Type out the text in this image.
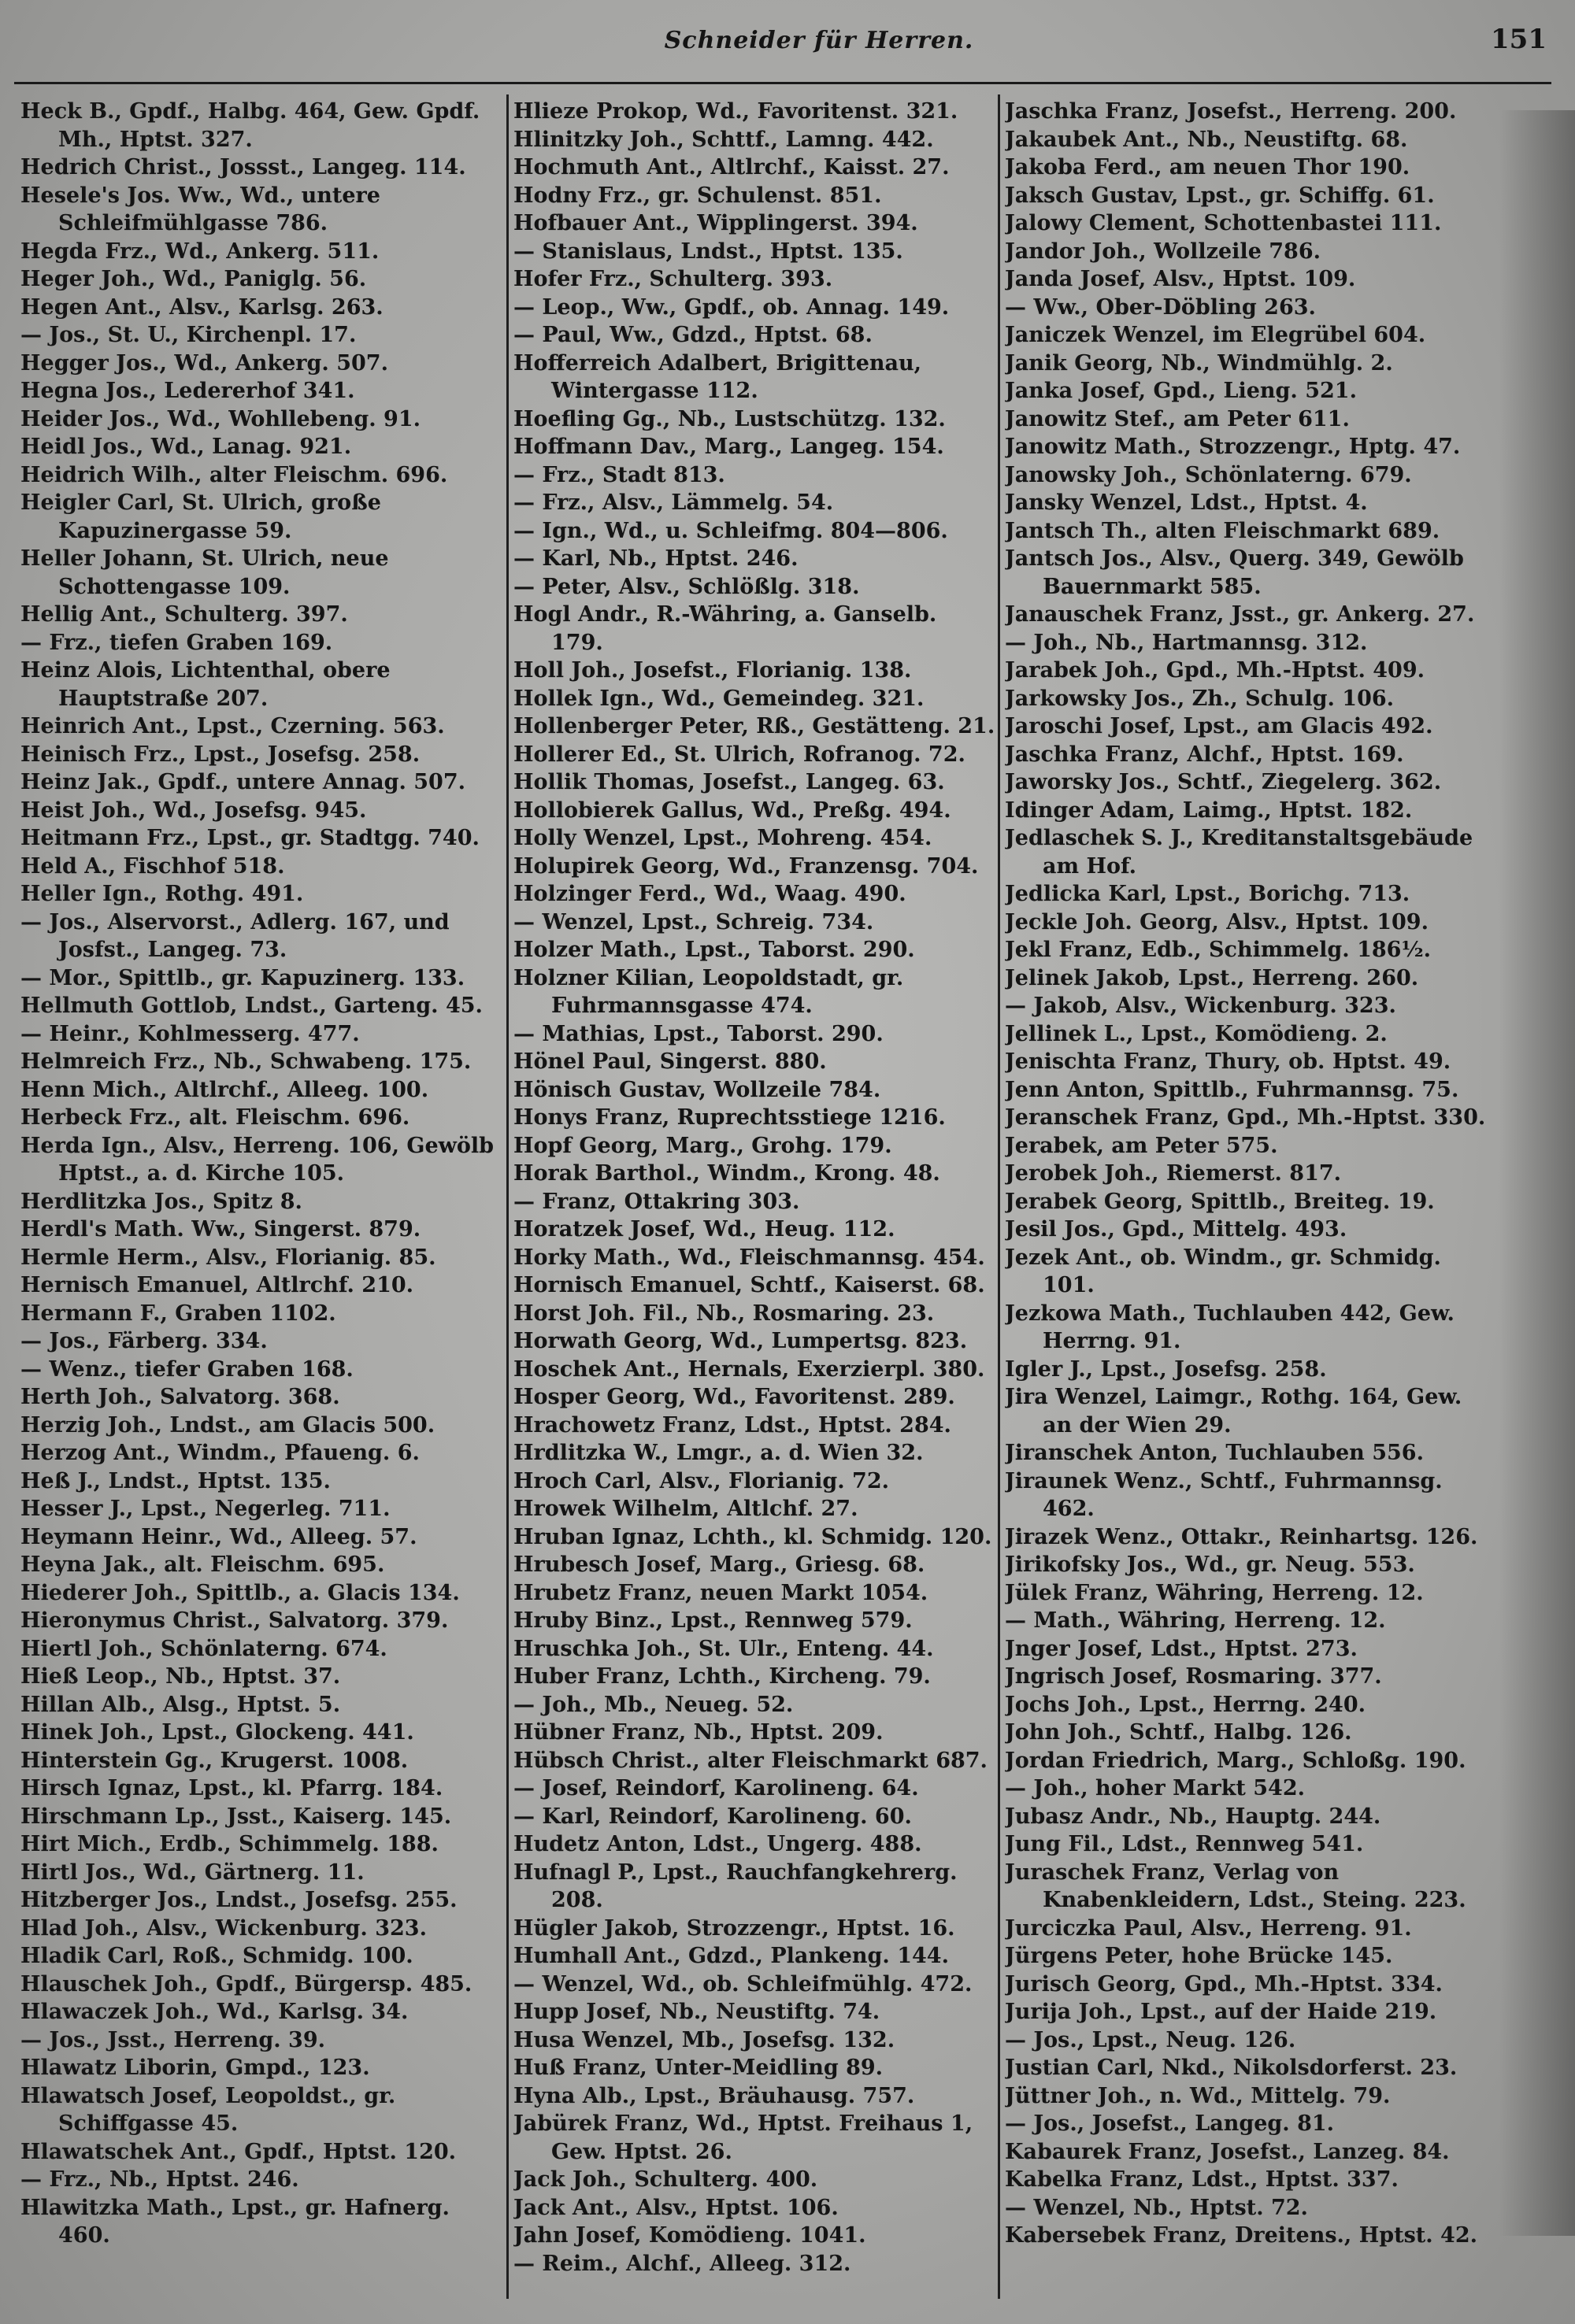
Schneider für Herren.	151

Heck B., Gpdf., Halbg. 464, Gew. Gpdf. Mh., Hptst. 327.

Hedrich Christ., Jossst., Langeg. 114.

Hesele's Jos. Ww., Wd., untere Schleifmühlgasse 786.

Hegda Frz., Wd., Ankerg. 511.

Heger Joh., Wd., Paniglg. 56.

Hegen Ant., Alsv., Karlsg. 263.

— Jos., St. U., Kirchenpl. 17.

Hegger Jos., Wd., Ankerg. 507.

Hegna Jos., Ledererhof 341.

Heider Jos., Wd., Wohllebeng. 91.

Heidl Jos., Wd., Lanag. 921.

Heidrich Wilh., alter Fleischm. 696.

Heigler Carl, St. Ulrich, große Kapuzinergasse 59.

Heller Johann, St. Ulrich, neue Schottengasse 109.

Hellig Ant., Schulterg. 397.

— Frz., tiefen Graben 169.

Heinz Alois, Lichtenthal, obere Hauptstraße 207.

Heinrich Ant., Lpst., Czerning. 563.

Heinisch Frz., Lpst., Josefsg. 258.

Heinz Jak., Gpdf., untere Annag. 507.

Heist Joh., Wd., Josefsg. 945.

Heitmann Frz., Lpst., gr. Stadtgg. 740.

Held A., Fischhof 518.

Heller Ign., Rothg. 491.

— Jos., Alservorst., Adlerg. 167, und Josfst., Langeg. 73.

— Mor., Spittlb., gr. Kapuzinerg. 133.

Hellmuth Gottlob, Lndst., Garteng. 45.

— Heinr., Kohlmesserg. 477.

Helmreich Frz., Nb., Schwabeng. 175.

Henn Mich., Altlrchf., Alleeg. 100.

Herbeck Frz., alt. Fleischm. 696.

Herda Ign., Alsv., Herreng. 106, Gewölb Hptst., a. d. Kirche 105.

Herdlitzka Jos., Spitz 8.

Herdl's Math. Ww., Singerst. 879.

Hermle Herm., Alsv., Florianig. 85.

Hernisch Emanuel, Altlrchf. 210.

Hermann F., Graben 1102.

— Jos., Färberg. 334.

— Wenz., tiefer Graben 168.

Herth Joh., Salvatorg. 368.

Herzig Joh., Lndst., am Glacis 500.

Herzog Ant., Windm., Pfaueng. 6.

Heß J., Lndst., Hptst. 135.

Hesser J., Lpst., Negerleg. 711.

Heymann Heinr., Wd., Alleeg. 57.

Heyna Jak., alt. Fleischm. 695.

Hiederer Joh., Spittlb., a. Glacis 134.

Hieronymus Christ., Salvatorg. 379.

Hiertl Joh., Schönlaterng. 674.

Hieß Leop., Nb., Hptst. 37.

Hillan Alb., Alsg., Hptst. 5.

Hinek Joh., Lpst., Glockeng. 441.

Hinterstein Gg., Krugerst. 1008.

Hirsch Ignaz, Lpst., kl. Pfarrg. 184.

Hirschmann Lp., Jsst., Kaiserg. 145.

Hirt Mich., Erdb., Schimmelg. 188.

Hirtl Jos., Wd., Gärtnerg. 11.

Hitzberger Jos., Lndst., Josefsg. 255.

Hlad Joh., Alsv., Wickenburg. 323.

Hladik Carl, Roß., Schmidg. 100.

Hlauschek Joh., Gpdf., Bürgersp. 485.

Hlawaczek Joh., Wd., Karlsg. 34.

— Jos., Jsst., Herreng. 39.

Hlawatz Liborin, Gmpd., 123.

Hlawatsch Josef, Leopoldst., gr. Schiffgasse 45.

Hlawatschek Ant., Gpdf., Hptst. 120.

— Frz., Nb., Hptst. 246.

Hlawitzka Math., Lpst., gr. Hafnerg. 460.

Hlieze Prokop, Wd., Favoritenst. 321.

Hlinitzky Joh., Schttf., Lamng. 442.

Hochmuth Ant., Altlrchf., Kaisst. 27.

Hodny Frz., gr. Schulenst. 851.

Hofbauer Ant., Wipplingerst. 394.

— Stanislaus, Lndst., Hptst. 135.

Hofer Frz., Schulterg. 393.

— Leop., Ww., Gpdf., ob. Annag. 149.

— Paul, Ww., Gdzd., Hptst. 68.

Hofferreich Adalbert, Brigittenau, Wintergasse 112.

Hoefling Gg., Nb., Lustschützg. 132.

Hoffmann Dav., Marg., Langeg. 154.

— Frz., Stadt 813.

— Frz., Alsv., Lämmelg. 54.

— Ign., Wd., u. Schleifmg. 804—806.

— Karl, Nb., Hptst. 246.

— Peter, Alsv., Schlößlg. 318.

Hogl Andr., R.-Währing, a. Ganselb. 179.

Holl Joh., Josefst., Florianig. 138.

Hollek Ign., Wd., Gemeindeg. 321.

Hollenberger Peter, Rß., Gestätteng. 21.

Hollerer Ed., St. Ulrich, Rofranog. 72.

Hollik Thomas, Josefst., Langeg. 63.

Hollobierek Gallus, Wd., Preßg. 494.

Holly Wenzel, Lpst., Mohreng. 454.

Holupirek Georg, Wd., Franzensg. 704.

Holzinger Ferd., Wd., Waag. 490.

— Wenzel, Lpst., Schreig. 734.

Holzer Math., Lpst., Taborst. 290.

Holzner Kilian, Leopoldstadt, gr. Fuhrmannsgasse 474.

— Mathias, Lpst., Taborst. 290.

Hönel Paul, Singerst. 880.

Hönisch Gustav, Wollzeile 784.

Honys Franz, Ruprechtsstiege 1216.

Hopf Georg, Marg., Grohg. 179.

Horak Barthol., Windm., Krong. 48.

— Franz, Ottakring 303.

Horatzek Josef, Wd., Heug. 112.

Horky Math., Wd., Fleischmannsg. 454.

Hornisch Emanuel, Schtf., Kaiserst. 68.

Horst Joh. Fil., Nb., Rosmaring. 23.

Horwath Georg, Wd., Lumpertsg. 823.

Hoschek Ant., Hernals, Exerzierpl. 380.

Hosper Georg, Wd., Favoritenst. 289.

Hrachowetz Franz, Ldst., Hptst. 284.

Hrdlitzka W., Lmgr., a. d. Wien 32.

Hroch Carl, Alsv., Florianig. 72.

Hrowek Wilhelm, Altlchf. 27.

Hruban Ignaz, Lchth., kl. Schmidg. 120.

Hrubesch Josef, Marg., Griesg. 68.

Hrubetz Franz, neuen Markt 1054.

Hruby Binz., Lpst., Rennweg 579.

Hruschka Joh., St. Ulr., Enteng. 44.

Huber Franz, Lchth., Kircheng. 79.

— Joh., Mb., Neueg. 52.

Hübner Franz, Nb., Hptst. 209.

Hübsch Christ., alter Fleischmarkt 687.

— Josef, Reindorf, Karolineng. 64.

— Karl, Reindorf, Karolineng. 60.

Hudetz Anton, Ldst., Ungerg. 488.

Hufnagl P., Lpst., Rauchfangkehrerg. 208.

Hügler Jakob, Strozzengr., Hptst. 16.

Humhall Ant., Gdzd., Plankeng. 144.

— Wenzel, Wd., ob. Schleifmühlg. 472.

Hupp Josef, Nb., Neustiftg. 74.

Husa Wenzel, Mb., Josefsg. 132.

Huß Franz, Unter-Meidling 89.

Hyna Alb., Lpst., Bräuhausg. 757.

Jabürek Franz, Wd., Hptst. Freihaus 1, Gew. Hptst. 26.

Jack Joh., Schulterg. 400.

Jack Ant., Alsv., Hptst. 106.

Jahn Josef, Komödieng. 1041.

— Reim., Alchf., Alleeg. 312.

Jaschka Franz, Josefst., Herreng. 200.

Jakaubek Ant., Nb., Neustiftg. 68.

Jakoba Ferd., am neuen Thor 190.

Jaksch Gustav, Lpst., gr. Schiffg. 61.

Jalowy Clement, Schottenbastei 111.

Jandor Joh., Wollzeile 786.

Janda Josef, Alsv., Hptst. 109.

— Ww., Ober-Döbling 263.

Janiczek Wenzel, im Elegrübel 604.

Janik Georg, Nb., Windmühlg. 2.

Janka Josef, Gpd., Lieng. 521.

Janowitz Stef., am Peter 611.

Janowitz Math., Strozzengr., Hptg. 47.

Janowsky Joh., Schönlaterng. 679.

Jansky Wenzel, Ldst., Hptst. 4.

Jantsch Th., alten Fleischmarkt 689.

Jantsch Jos., Alsv., Querg. 349, Gewölb Bauernmarkt 585.

Janauschek Franz, Jsst., gr. Ankerg. 27.

— Joh., Nb., Hartmannsg. 312.

Jarabek Joh., Gpd., Mh.-Hptst. 409.

Jarkowsky Jos., Zh., Schulg. 106.

Jaroschi Josef, Lpst., am Glacis 492.

Jaschka Franz, Alchf., Hptst. 169.

Jaworsky Jos., Schtf., Ziegelerg. 362.

Idinger Adam, Laimg., Hptst. 182.

Jedlaschek S. J., Kreditanstaltsgebäude am Hof.

Jedlicka Karl, Lpst., Borichg. 713.

Jeckle Joh. Georg, Alsv., Hptst. 109.

Jekl Franz, Edb., Schimmelg. 186½.

Jelinek Jakob, Lpst., Herreng. 260.

— Jakob, Alsv., Wickenburg. 323.

Jellinek L., Lpst., Komödieng. 2.

Jenischta Franz, Thury, ob. Hptst. 49.

Jenn Anton, Spittlb., Fuhrmannsg. 75.

Jeranschek Franz, Gpd., Mh.-Hptst. 330.

Jerabek, am Peter 575.

Jerobek Joh., Riemerst. 817.

Jerabek Georg, Spittlb., Breiteg. 19.

Jesil Jos., Gpd., Mittelg. 493.

Jezek Ant., ob. Windm., gr. Schmidg. 101.

Jezkowa Math., Tuchlauben 442, Gew. Herrng. 91.

Igler J., Lpst., Josefsg. 258.

Jira Wenzel, Laimgr., Rothg. 164, Gew. an der Wien 29.

Jiranschek Anton, Tuchlauben 556.

Jiraunek Wenz., Schtf., Fuhrmannsg. 462.

Jirazek Wenz., Ottakr., Reinhartsg. 126.

Jirikofsky Jos., Wd., gr. Neug. 553.

Jülek Franz, Währing, Herreng. 12.

— Math., Währing, Herreng. 12.

Jnger Josef, Ldst., Hptst. 273.

Jngrisch Josef, Rosmaring. 377.

Jochs Joh., Lpst., Herrng. 240.

John Joh., Schtf., Halbg. 126.

Jordan Friedrich, Marg., Schloßg. 190.

— Joh., hoher Markt 542.

Jubasz Andr., Nb., Hauptg. 244.

Jung Fil., Ldst., Rennweg 541.

Juraschek Franz, Verlag von Knabenkleidern, Ldst., Steing. 223.

Jurciczka Paul, Alsv., Herreng. 91.

Jürgens Peter, hohe Brücke 145.

Jurisch Georg, Gpd., Mh.-Hptst. 334.

Jurija Joh., Lpst., auf der Haide 219.

— Jos., Lpst., Neug. 126.

Justian Carl, Nkd., Nikolsdorferst. 23.

Jüttner Joh., n. Wd., Mittelg. 79.

— Jos., Josefst., Langeg. 81.

Kabaurek Franz, Josefst., Lanzeg. 84.

Kabelka Franz, Ldst., Hptst. 337.

— Wenzel, Nb., Hptst. 72.

Kabersebek Franz, Dreitens., Hptst. 42.
